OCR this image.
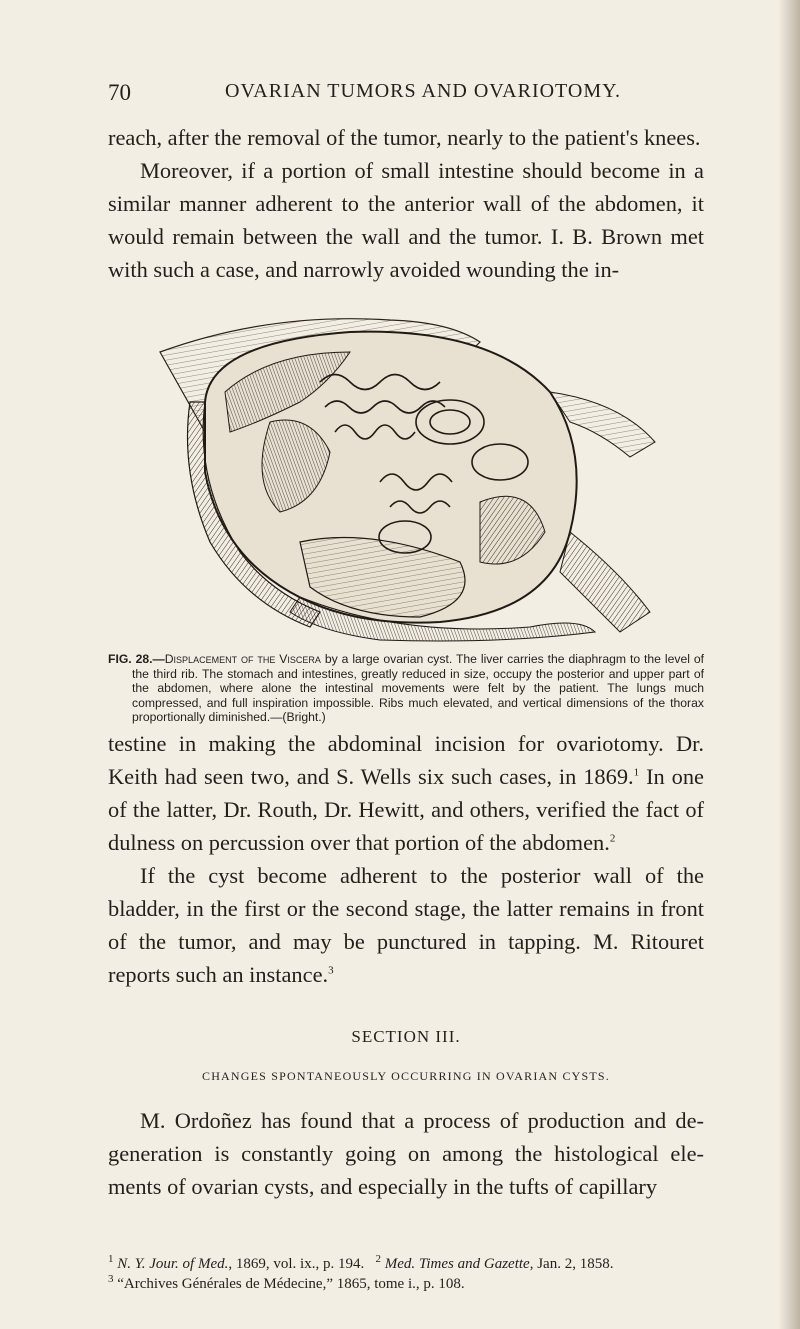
70	OVARIAN TUMORS AND OVARIOTOMY.

reach, after the removal of the tumor, nearly to the patient's knees.

Moreover, if a portion of small intestine should become in a similar manner adherent to the anterior wall of the abdomen, it would remain between the wall and the tumor. I. B. Brown met with such a case, and narrowly avoided wounding the in-

FIG. 28.—Displacement of the Viscera by a large ovarian cyst. The liver carries the diaphragm to the level of the third rib. The stomach and intestines, greatly reduced in size, occupy the posterior and upper part of the abdomen, where alone the intestinal movements were felt by the patient. The lungs much compressed, and full inspiration impossible. Ribs much elevated, and vertical dimensions of the thorax proportionally diminished.—(Bright.)

testine in making the abdominal incision for ovariotomy. Dr. Keith had seen two, and S. Wells six such cases, in 1869.$^1$ In one of the latter, Dr. Routh, Dr. Hewitt, and others, verified the fact of dulness on percussion over that portion of the abdomen.$^2$

If the cyst become adherent to the posterior wall of the bladder, in the first or the second stage, the latter remains in front of the tumor, and may be punctured in tapping. M. Ritouret reports such an instance.$^3$

SECTION III.
CHANGES SPONTANEOUSLY OCCURRING IN OVARIAN CYSTS.

M. Ordoñez has found that a process of production and de-generation is constantly going on among the histological ele-ments of ovarian cysts, and especially in the tufts of capillary

$^1$ N. Y. Jour. of Med., 1869, vol. ix., p. 194. $^2$ Med. Times and Gazette, Jan. 2, 1858.

$^3$ “Archives Générales de Médecine,” 1865, tome i., p. 108.
